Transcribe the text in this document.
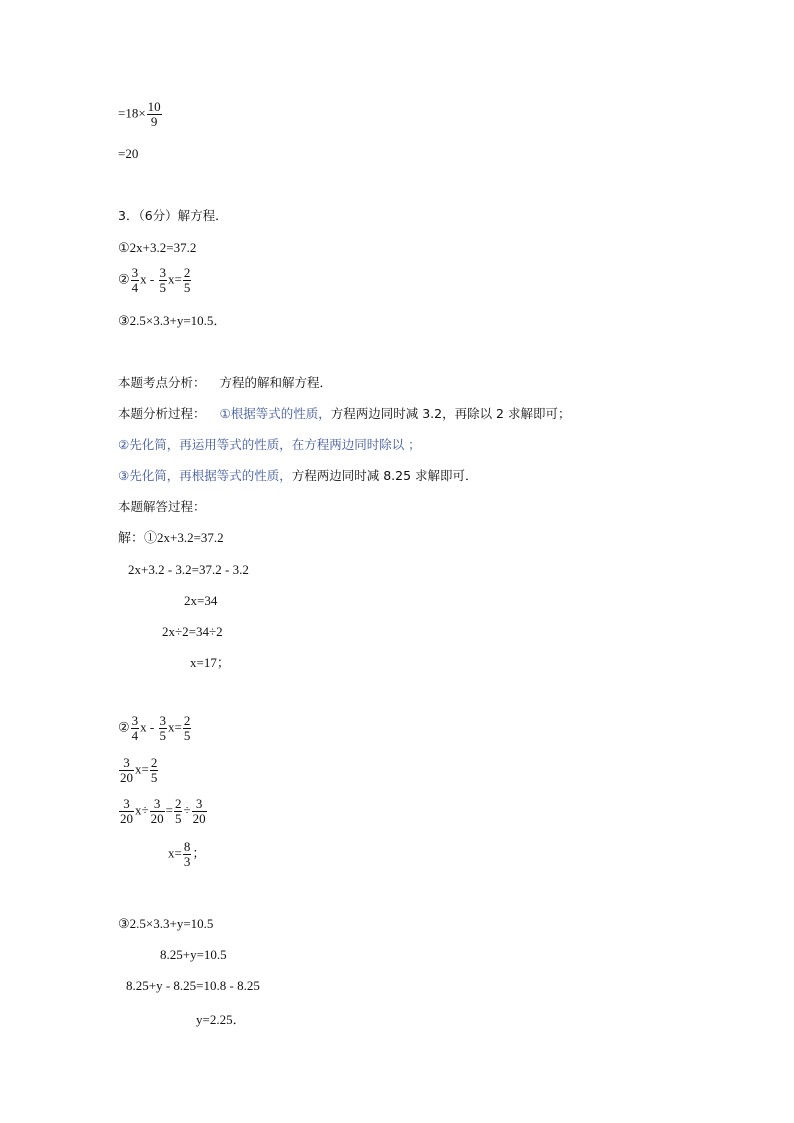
$=18\times \frac{10}{9}$
=20
3．（6分）解方程．
①2x+3.2=37.2
② $\frac{3}{4}$ $x - \frac{3}{5} x= \frac{2}{5}$
③2.5×3.3+y=10.5．
本题考点分析： 方程的解和解方程．
本题分析过程： ①根据等式的性质，方程两边同时减 3.2，再除以 2 求解即可；
②先化简，再运用等式的性质，在方程两边同时除以 ；
③先化简，再根据等式的性质，方程两边同时减 8.25 求解即可．
本题解答过程：
解：①2x+3.2=37.2
2x+3.2 - 3.2=37.2 - 3.2
2x=34
2x÷2=34÷2
x=17；
② $\frac{3}{4}$ $x - \frac{3}{5} x= \frac{2}{5}$
$\frac{3}{20} x= \frac{2}{5}$
$\frac{3}{20} x\div \frac{3}{20} = \frac{2}{5} \div \frac{3}{20}$
$x= \frac{8}{3}$ ；
③2.5×3.3+y=10.5
8.25+y=10.5
8.25+y - 8.25=10.8 - 8.25
y=2.25．
